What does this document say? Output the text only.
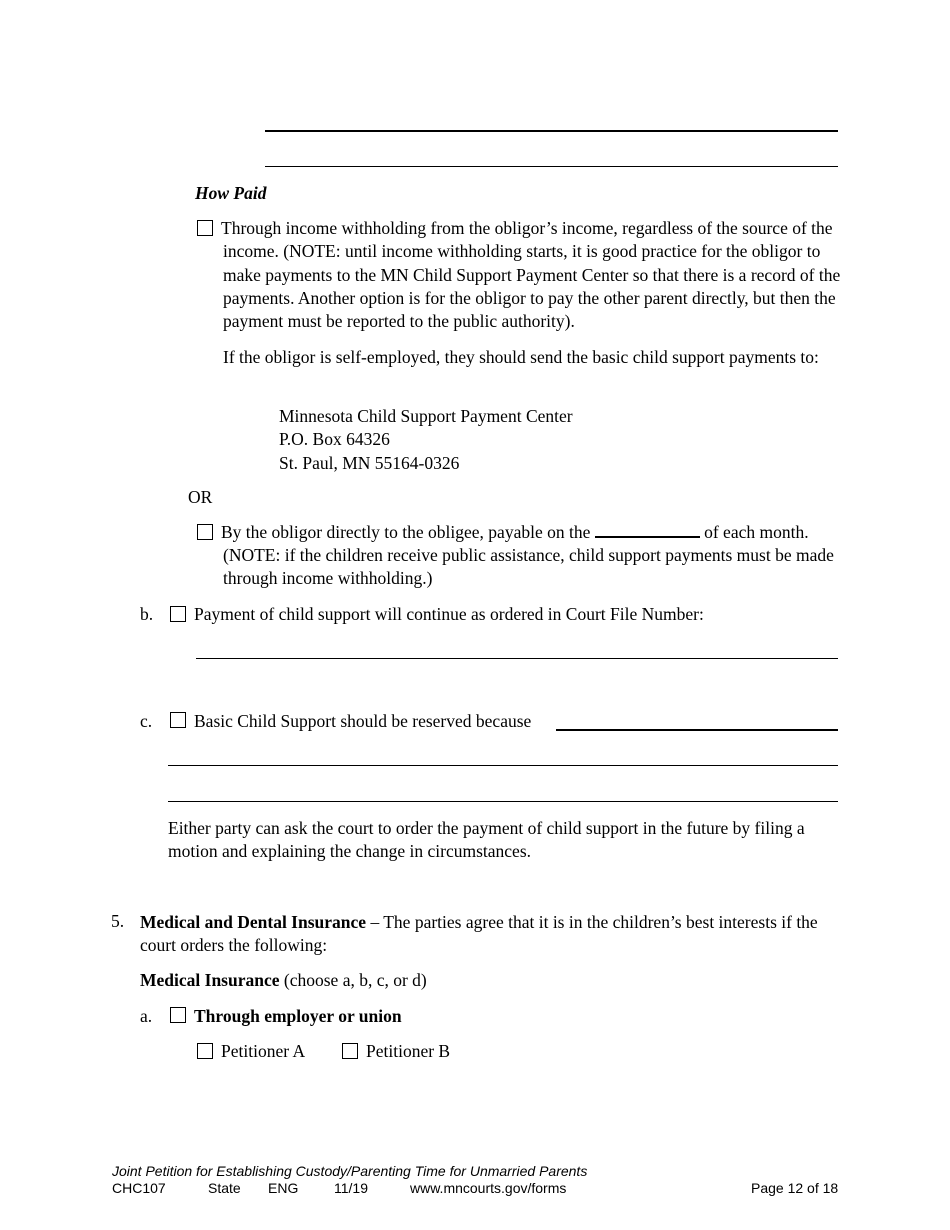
How Paid
Through income withholding from the obligor’s income, regardless of the source of the income. (NOTE: until income withholding starts, it is good practice for the obligor to make payments to the MN Child Support Payment Center so that there is a record of the payments. Another option is for the obligor to pay the other parent directly, but then the payment must be reported to the public authority).
If the obligor is self-employed, they should send the basic child support payments to:
Minnesota Child Support Payment Center
P.O. Box 64326
St. Paul, MN 55164-0326
OR
By the obligor directly to the obligee, payable on the	of each month.
(NOTE: if the children receive public assistance, child support payments must be made through income withholding.)
b. Payment of child support will continue as ordered in Court File Number:
c. Basic Child Support should be reserved because
Either party can ask the court to order the payment of child support in the future by filing a motion and explaining the change in circumstances.
5. Medical and Dental Insurance – The parties agree that it is in the children’s best interests if the court orders the following:
Medical Insurance (choose a, b, c, or d)
a. Through employer or union
Petitioner A	Petitioner B
Joint Petition for Establishing Custody/Parenting Time for Unmarried Parents
CHC107	State ENG	11/19	www.mncourts.gov/forms	Page 12 of 18
